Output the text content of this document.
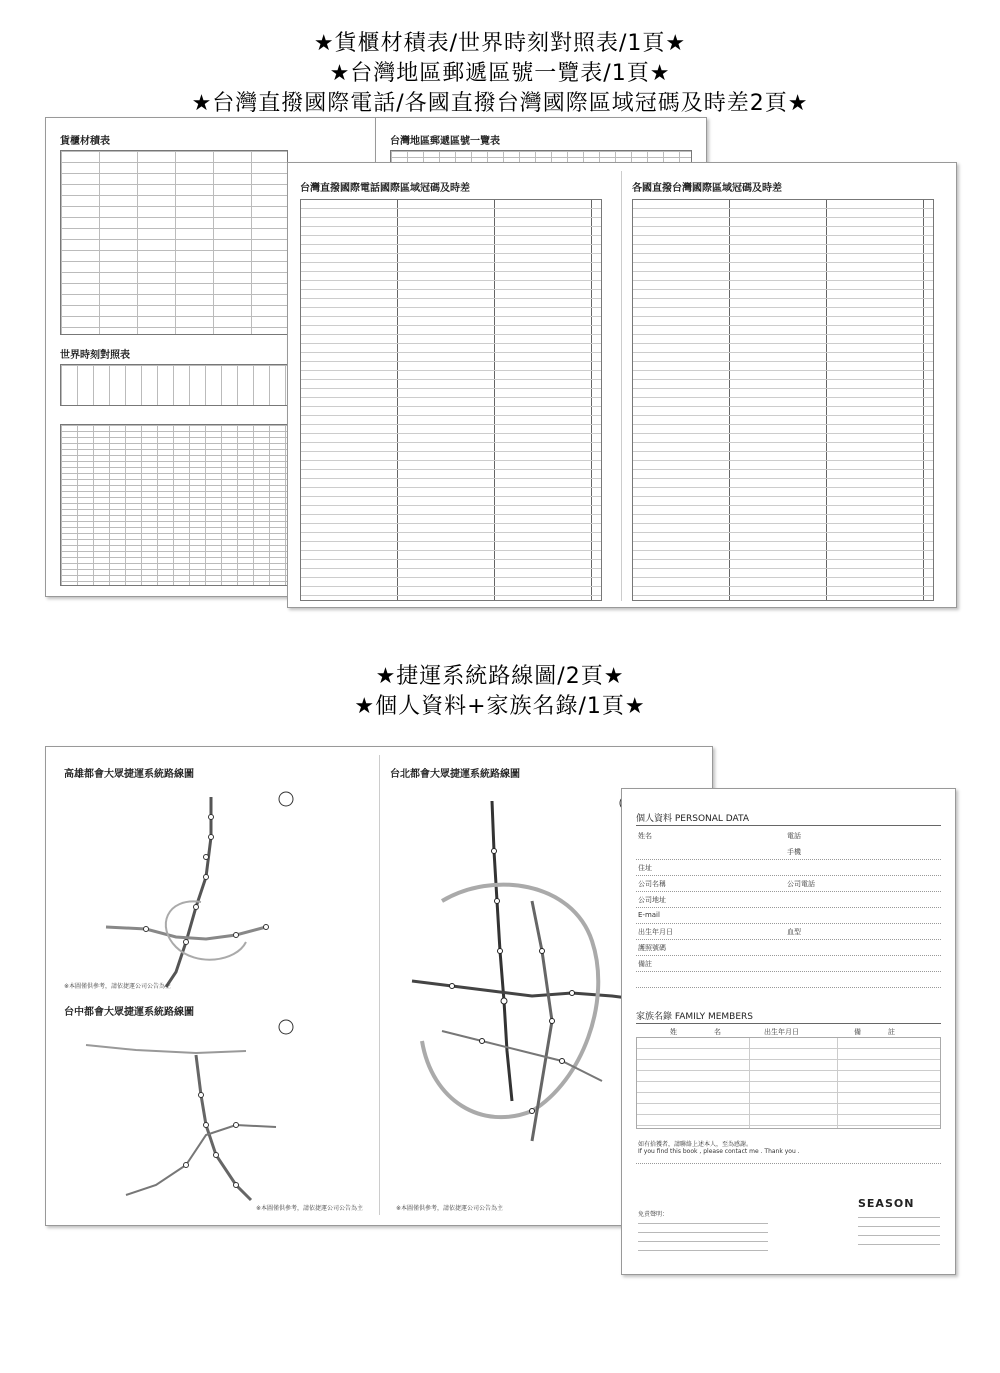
★貨櫃材積表/世界時刻對照表/1頁★
★台灣地區郵遞區號一覽表/1頁★
★台灣直撥國際電話/各國直撥台灣國際區域冠碼及時差2頁★
貨櫃材積表
世界時刻對照表
台灣地區郵遞區號一覽表
台灣直撥國際電話國際區域冠碼及時差	各國直撥台灣國際區域冠碼及時差
★捷運系統路線圖/2頁★
★個人資料+家族名錄/1頁★
高雄都會大眾捷運系統路線圖
※本圖僅供參考，請依捷運公司公告為主
台中都會大眾捷運系統路線圖
※本圖僅供參考，請依捷運公司公告為主
台北都會大眾捷運系統路線圖
※本圖僅供參考，請依捷運公司公告為主
個人資料 PERSONAL DATA
姓名	電話
手機
住址
公司名稱	公司電話
公司地址
E-mail
出生年月日	血型
護照號碼
備註
家族名錄 FAMILY MEMBERS
姓	名	出生年月日	備	註
如有拾獲者，請聯絡上述本人，至為感謝。
If you find this book , please contact me . Thank you .
免責聲明：
SEASON
